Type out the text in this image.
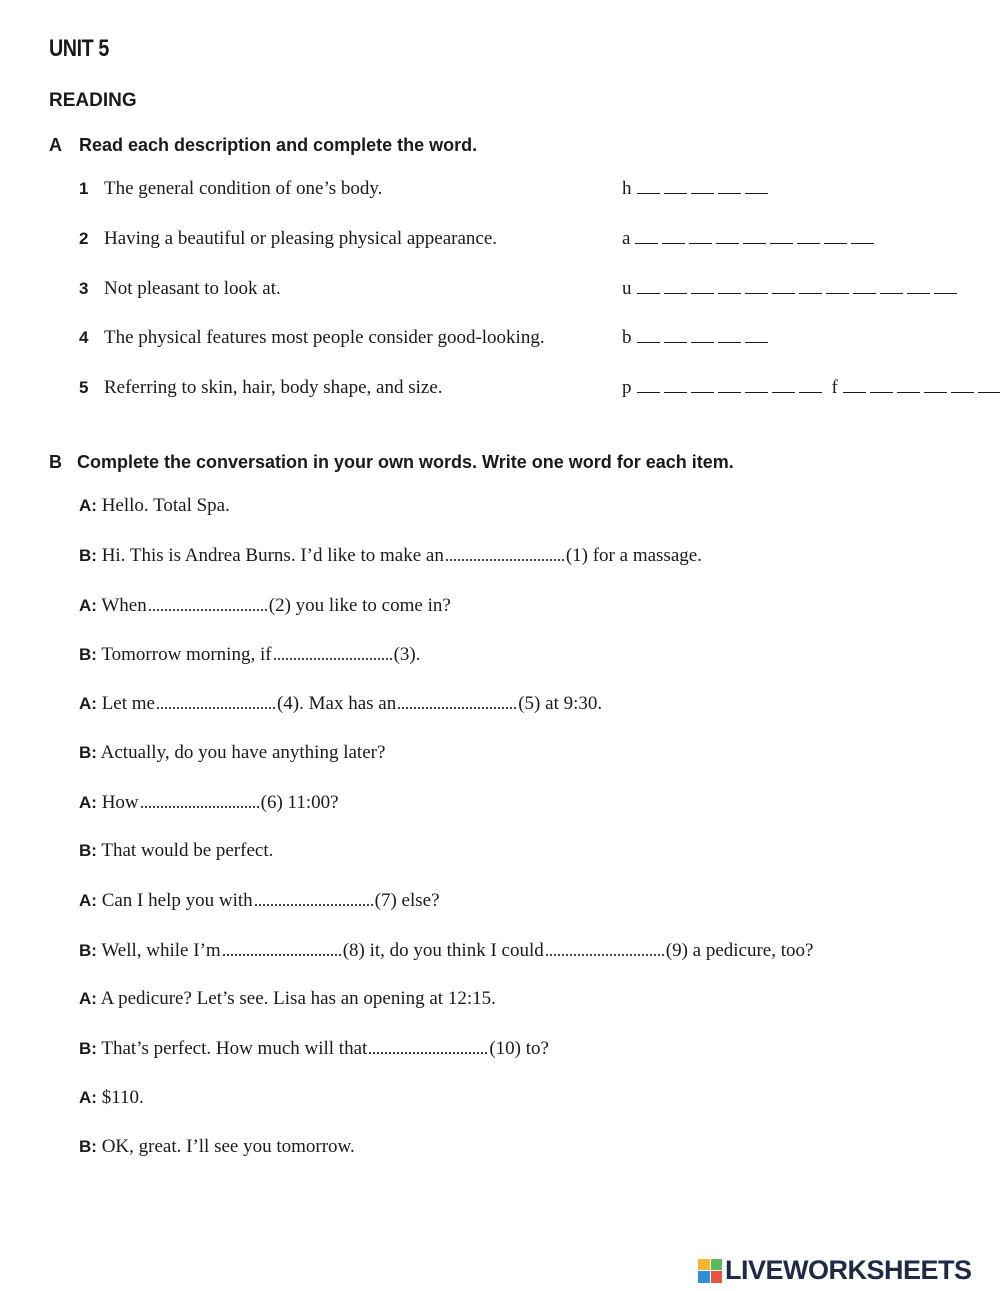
UNIT 5
READING
A Read each description and complete the word.
1 The general condition of one’s body.	h
2 Having a beautiful or pleasing physical appearance.	a
3 Not pleasant to look at.	u
4 The physical features most people consider good-looking.	b
5 Referring to skin, hair, body shape, and size.	p	f
B Complete the conversation in your own words. Write one word for each item.
A: Hello. Total Spa.
B: Hi. This is Andrea Burns. I’d like to make an	(1) for a massage.
A: When	(2) you like to come in?
B: Tomorrow morning, if	(3).
A: Let me	(4). Max has an	(5) at 9:30.
B: Actually, do you have anything later?
A: How	(6) 11:00?
B: That would be perfect.
A: Can I help you with	(7) else?
B: Well, while I’m	(8) it, do you think I could	(9) a pedicure, too?
A: A pedicure? Let’s see. Lisa has an opening at 12:15.
B: That’s perfect. How much will that	(10) to?
A: $110.
B: OK, great. I’ll see you tomorrow.
LIVEWORKSHEETS
